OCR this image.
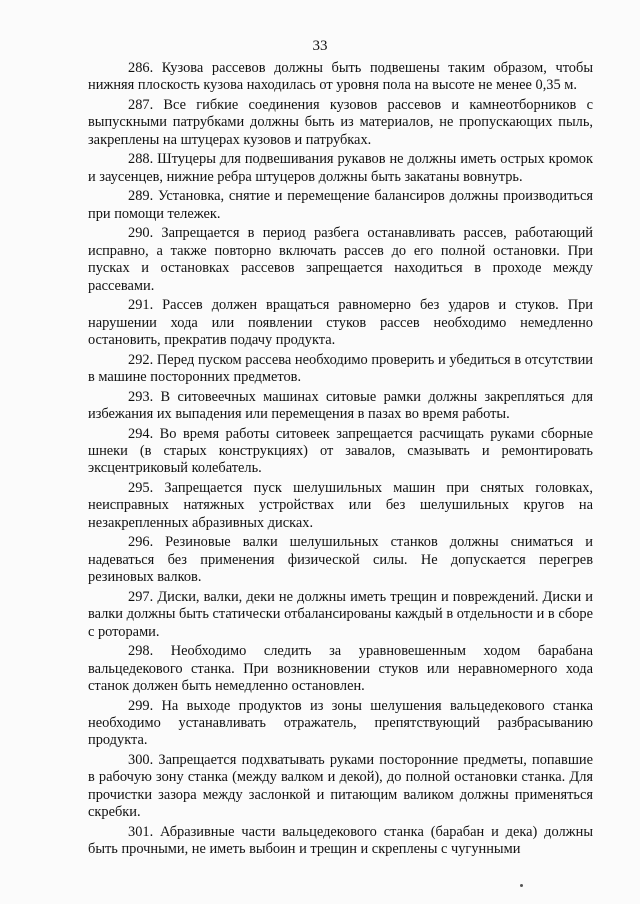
33

286. Кузова рассевов должны быть подвешены таким образом, чтобы нижняя плоскость кузова находилась от уровня пола на высоте не менее 0,35 м.

287. Все гибкие соединения кузовов рассевов и камнеотборников с выпускными патрубками должны быть из материалов, не пропускающих пыль, закреплены на штуцерах кузовов и патрубках.

288. Штуцеры для подвешивания рукавов не должны иметь острых кромок и заусенцев, нижние ребра штуцеров должны быть закатаны вовнутрь.

289. Установка, снятие и перемещение балансиров должны производиться при помощи тележек.

290. Запрещается в период разбега останавливать рассев, работающий исправно, а также повторно включать рассев до его полной остановки. При пусках и остановках рассевов запрещается находиться в проходе между рассевами.

291. Рассев должен вращаться равномерно без ударов и стуков. При нарушении хода или появлении стуков рассев необходимо немедленно остановить, прекратив подачу продукта.

292. Перед пуском рассева необходимо проверить и убедиться в отсутствии в машине посторонних предметов.

293. В ситовеечных машинах ситовые рамки должны закрепляться для избежания их выпадения или перемещения в пазах во время работы.

294. Во время работы ситовеек запрещается расчищать руками сборные шнеки (в старых конструкциях) от завалов, смазывать и ремонтировать эксцентриковый колебатель.

295. Запрещается пуск шелушильных машин при снятых головках, неисправных натяжных устройствах или без шелушильных кругов на незакрепленных абразивных дисках.

296. Резиновые валки шелушильных станков должны сниматься и надеваться без применения физической силы. Не допускается перегрев резиновых валков.

297. Диски, валки, деки не должны иметь трещин и повреждений. Диски и валки должны быть статически отбалансированы каждый в отдельности и в сборе с роторами.

298. Необходимо следить за уравновешенным ходом барабана вальцедекового станка. При возникновении стуков или неравномерного хода станок должен быть немедленно остановлен.

299. На выходе продуктов из зоны шелушения вальцедекового станка необходимо устанавливать отражатель, препятствующий разбрасыванию продукта.

300. Запрещается подхватывать руками посторонние предметы, попавшие в рабочую зону станка (между валком и декой), до полной остановки станка. Для прочистки зазора между заслонкой и питающим валиком должны применяться скребки.

301. Абразивные части вальцедекового станка (барабан и дека) должны быть прочными, не иметь выбоин и трещин и скреплены с чугунными
